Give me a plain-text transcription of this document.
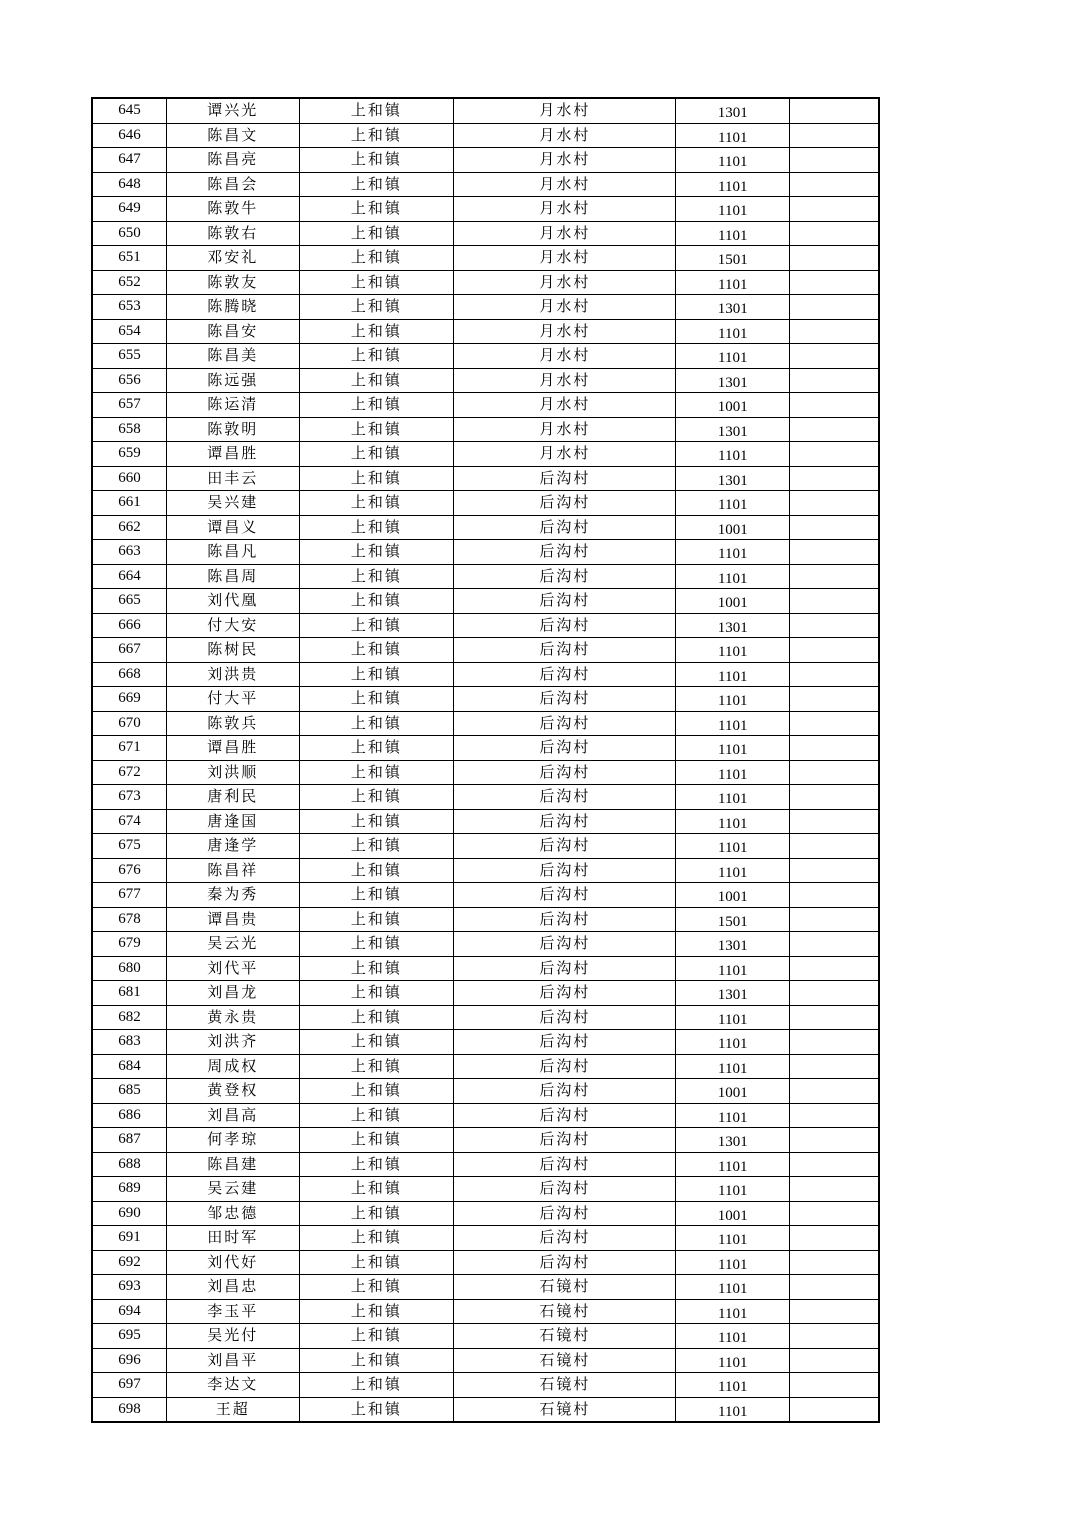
645	谭兴光	上和镇	月水村	1301	
646	陈昌文	上和镇	月水村	1101	
647	陈昌亮	上和镇	月水村	1101	
648	陈昌会	上和镇	月水村	1101	
649	陈敦牛	上和镇	月水村	1101	
650	陈敦右	上和镇	月水村	1101	
651	邓安礼	上和镇	月水村	1501	
652	陈敦友	上和镇	月水村	1101	
653	陈腾晓	上和镇	月水村	1301	
654	陈昌安	上和镇	月水村	1101	
655	陈昌美	上和镇	月水村	1101	
656	陈远强	上和镇	月水村	1301	
657	陈运清	上和镇	月水村	1001	
658	陈敦明	上和镇	月水村	1301	
659	谭昌胜	上和镇	月水村	1101	
660	田丰云	上和镇	后沟村	1301	
661	吴兴建	上和镇	后沟村	1101	
662	谭昌义	上和镇	后沟村	1001	
663	陈昌凡	上和镇	后沟村	1101	
664	陈昌周	上和镇	后沟村	1101	
665	刘代凰	上和镇	后沟村	1001	
666	付大安	上和镇	后沟村	1301	
667	陈树民	上和镇	后沟村	1101	
668	刘洪贵	上和镇	后沟村	1101	
669	付大平	上和镇	后沟村	1101	
670	陈敦兵	上和镇	后沟村	1101	
671	谭昌胜	上和镇	后沟村	1101	
672	刘洪顺	上和镇	后沟村	1101	
673	唐利民	上和镇	后沟村	1101	
674	唐逢国	上和镇	后沟村	1101	
675	唐逢学	上和镇	后沟村	1101	
676	陈昌祥	上和镇	后沟村	1101	
677	秦为秀	上和镇	后沟村	1001	
678	谭昌贵	上和镇	后沟村	1501	
679	吴云光	上和镇	后沟村	1301	
680	刘代平	上和镇	后沟村	1101	
681	刘昌龙	上和镇	后沟村	1301	
682	黄永贵	上和镇	后沟村	1101	
683	刘洪齐	上和镇	后沟村	1101	
684	周成权	上和镇	后沟村	1101	
685	黄登权	上和镇	后沟村	1001	
686	刘昌高	上和镇	后沟村	1101	
687	何孝琼	上和镇	后沟村	1301	
688	陈昌建	上和镇	后沟村	1101	
689	吴云建	上和镇	后沟村	1101	
690	邹忠德	上和镇	后沟村	1001	
691	田时军	上和镇	后沟村	1101	
692	刘代好	上和镇	后沟村	1101	
693	刘昌忠	上和镇	石镜村	1101	
694	李玉平	上和镇	石镜村	1101	
695	吴光付	上和镇	石镜村	1101	
696	刘昌平	上和镇	石镜村	1101	
697	李达文	上和镇	石镜村	1101	
698	王超	上和镇	石镜村	1101	
